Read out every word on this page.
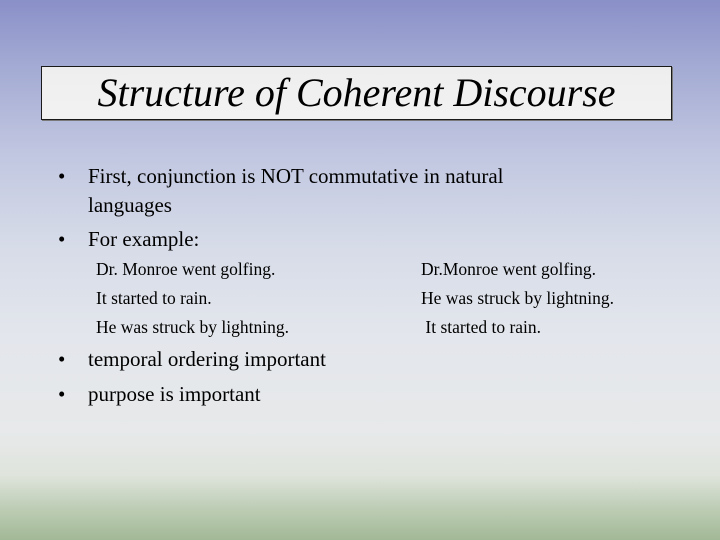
Structure of Coherent Discourse
• First, conjunction is NOT commutative in natural
languages
• For example:
Dr. Monroe went golfing.
It started to rain.
He was struck by lightning.
Dr.Monroe went golfing.
He was struck by lightning.
It started to rain.
• temporal ordering important
• purpose is important
